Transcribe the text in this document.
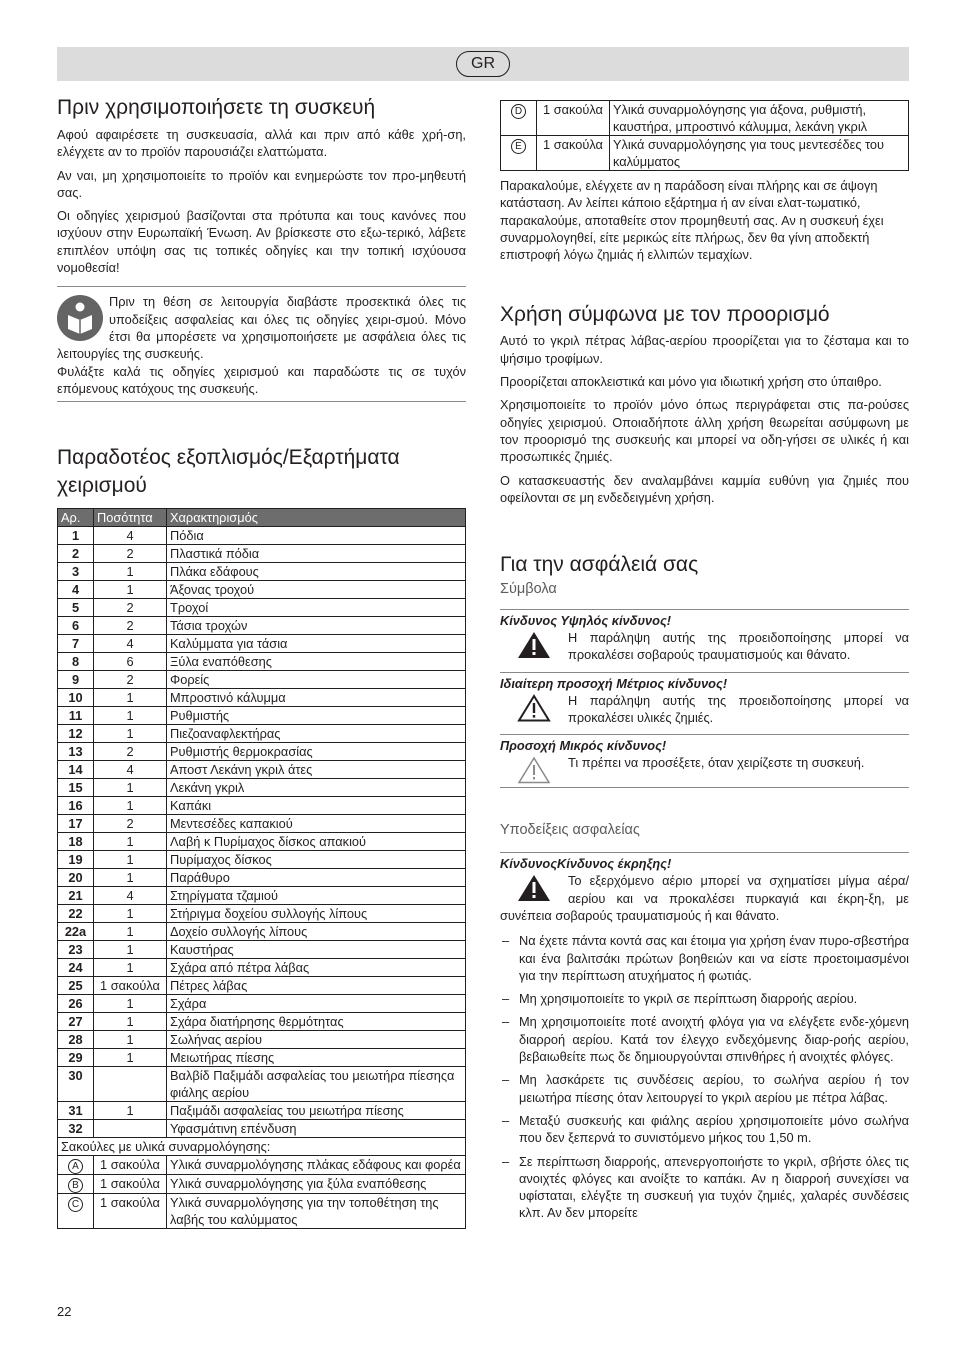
GR
Πριν χρησιμοποιήσετε τη συσκευή

Αφού αφαιρέσετε τη συσκευασία, αλλά και πριν από κάθε χρή-ση, ελέγχετε αν το προϊόν παρουσιάζει ελαττώματα.

Αν ναι, μη χρησιμοποιείτε το προϊόν και ενημερώστε τον προ-μηθευτή σας.

Οι οδηγίες χειρισμού βασίζονται στα πρότυπα και τους κανόνες που ισχύουν στην Ευρωπαϊκή Ένωση. Αν βρίσκεστε στο εξω-τερικό, λάβετε επιπλέον υπόψη σας τις τοπικές οδηγίες και την τοπική ισχύουσα νομοθεσία!

Πριν τη θέση σε λειτουργία διαβάστε προσεκτικά όλες τις υποδείξεις ασφαλείας και όλες τις οδηγίες χειρι-σμού. Μόνο έτσι θα μπορέσετε να χρησιμοποιήσετε με ασφάλεια όλες τις λειτουργίες της συσκευής.

Φυλάξτε καλά τις οδηγίες χειρισμού και παραδώστε τις σε τυχόν επόμενους κατόχους της συσκευής.

Παραδοτέος εξοπλισμός/Εξαρτήματα χειρισμού
Αρ.	Ποσότητα	Χαρακτηρισμός
1	4	Πόδια
2	2	Πλαστικά πόδια
3	1	Πλάκα εδάφους
4	1	Άξονας τροχού
5	2	Τροχοί
6	2	Τάσια τροχών
7	4	Καλύμματα για τάσια
8	6	Ξύλα εναπόθεσης
9	2	Φορείς
10	1	Μπροστινό κάλυμμα
11	1	Ρυθμιστής
12	1	Πιεζοαναφλεκτήρας
13	2	Ρυθμιστής θερμοκρασίας
14	4	Αποστ Λεκάνη γκριλ άτες
15	1	Λεκάνη γκριλ
16	1	Καπάκι
17	2	Μεντεσέδες καπακιού
18	1	Λαβή κ Πυρίμαχος δίσκος απακιού
19	1	Πυρίμαχος δίσκος
20	1	Παράθυρο
21	4	Στηρίγματα τζαμιού
22	1	Στήριγμα δοχείου συλλογής λίπους
22a	1	Δοχείο συλλογής λίπους
23	1	Καυστήρας
24	1	Σχάρα από πέτρα λάβας
25	1 σακούλα	Πέτρες λάβας
26	1	Σχάρα
27	1	Σχάρα διατήρησης θερμότητας
28	1	Σωλήνας αερίου
29	1	Μειωτήρας πίεσης
30		Βαλβίδ Παξιμάδι ασφαλείας του μειωτήρα πίεσηςα φιάλης αερίου
31	1	Παξιμάδι ασφαλείας του μειωτήρα πίεσης
32		Υφασμάτινη επένδυση
Σακούλες με υλικά συναρμολόγησης:		
A	1 σακούλα	Υλικά συναρμολόγησης πλάκας εδάφους και φορέα
B	1 σακούλα	Υλικά συναρμολόγησης για ξύλα εναπόθεσης
C	1 σακούλα	Υλικά συναρμολόγησης για την τοποθέτηση της λαβής του καλύμματος
D	1 σακούλα	Υλικά συναρμολόγησης για άξονα, ρυθμιστή, καυστήρα, μπροστινό κάλυμμα, λεκάνη γκριλ
E	1 σακούλα	Υλικά συναρμολόγησης για τους μεντεσέδες του καλύμματος

Παρακαλούμε, ελέγχετε αν η παράδοση είναι πλήρης και σε άψογη κατάσταση. Αν λείπει κάποιο εξάρτημα ή αν είναι ελατ-τωματικό, παρακαλούμε, αποταθείτε στον προμηθευτή σας. Αν η συσκευή έχει συναρμολογηθεί, είτε μερικώς είτε πλήρως, δεν θα γίνη αποδεκτή επιστροφή λόγω ζημιάς ή ελλιπών τεμαχίων.

Χρήση σύμφωνα με τον προορισμό

Αυτό το γκριλ πέτρας λάβας-αερίου προορίζεται για το ζέσταμα και το ψήσιμο τροφίμων.

Προορίζεται αποκλειστικά και μόνο για ιδιωτική χρήση στο ύπαιθρο.

Χρησιμοποιείτε το προϊόν μόνο όπως περιγράφεται στις πα-ρούσες οδηγίες χειρισμού. Οποιαδήποτε άλλη χρήση θεωρείται ασύμφωνη με τον προορισμό της συσκευής και μπορεί να οδη-γήσει σε υλικές ή και προσωπικές ζημιές.

Ο κατασκευαστής δεν αναλαμβάνει καμμία ευθύνη για ζημιές που οφείλονται σε μη ενδεδειγμένη χρήση.

Για την ασφάλειά σας
Σύμβολα
Κίνδυνος Υψηλός κίνδυνος!
Η παράληψη αυτής της προειδοποίησης μπορεί να προκαλέσει σοβαρούς τραυματισμούς και θάνατο.
Ιδιαίτερη προσοχή Μέτριος κίνδυνος!
Η παράληψη αυτής της προειδοποίησης μπορεί να προκαλέσει υλικές ζημιές.
Προσοχή Μικρός κίνδυνος!
Τι πρέπει να προσέξετε, όταν χειρίζεστε τη συσκευή.
Υποδείξεις ασφαλείας
ΚίνδυνοςΚίνδυνος έκρηξης!
Το εξερχόμενο αέριο μπορεί να σχηματίσει μίγμα αέρα/αερίου και να προκαλέσει πυρκαγιά και έκρη-ξη, με συνέπεια σοβαρούς τραυματισμούς ή και θάνατο.
– Να έχετε πάντα κοντά σας και έτοιμα για χρήση έναν πυρο-σβεστήρα και ένα βαλιτσάκι πρώτων βοηθειών και να είστε προετοιμασμένοι για την περίπτωση ατυχήματος ή φωτιάς.
– Μη χρησιμοποιείτε το γκριλ σε περίπτωση διαρροής αερίου.
– Μη χρησιμοποιείτε ποτέ ανοιχτή φλόγα για να ελέγξετε ενδε-χόμενη διαρροή αερίου. Κατά τον έλεγχο ενδεχόμενης διαρ-ροής αερίου, βεβαιωθείτε πως δε δημιουργούνται σπινθήρες ή ανοιχτές φλόγες.
– Μη λασκάρετε τις συνδέσεις αερίου, το σωλήνα αερίου ή τον μειωτήρα πίεσης όταν λειτουργεί το γκριλ αερίου με πέτρα λάβας.
– Μεταξύ συσκευής και φιάλης αερίου χρησιμοποιείτε μόνο σωλήνα που δεν ξεπερνά το συνιστόμενο μήκος του 1,50 m.
– Σε περίπτωση διαρροής, απενεργοποιήστε το γκριλ, σβήστε όλες τις ανοιχτές φλόγες και ανοίξτε το καπάκι. Αν η διαρροή συνεχίσει να υφίσταται, ελέγξτε τη συσκευή για τυχόν ζημιές, χαλαρές συνδέσεις κλπ. Αν δεν μπορείτε
22
